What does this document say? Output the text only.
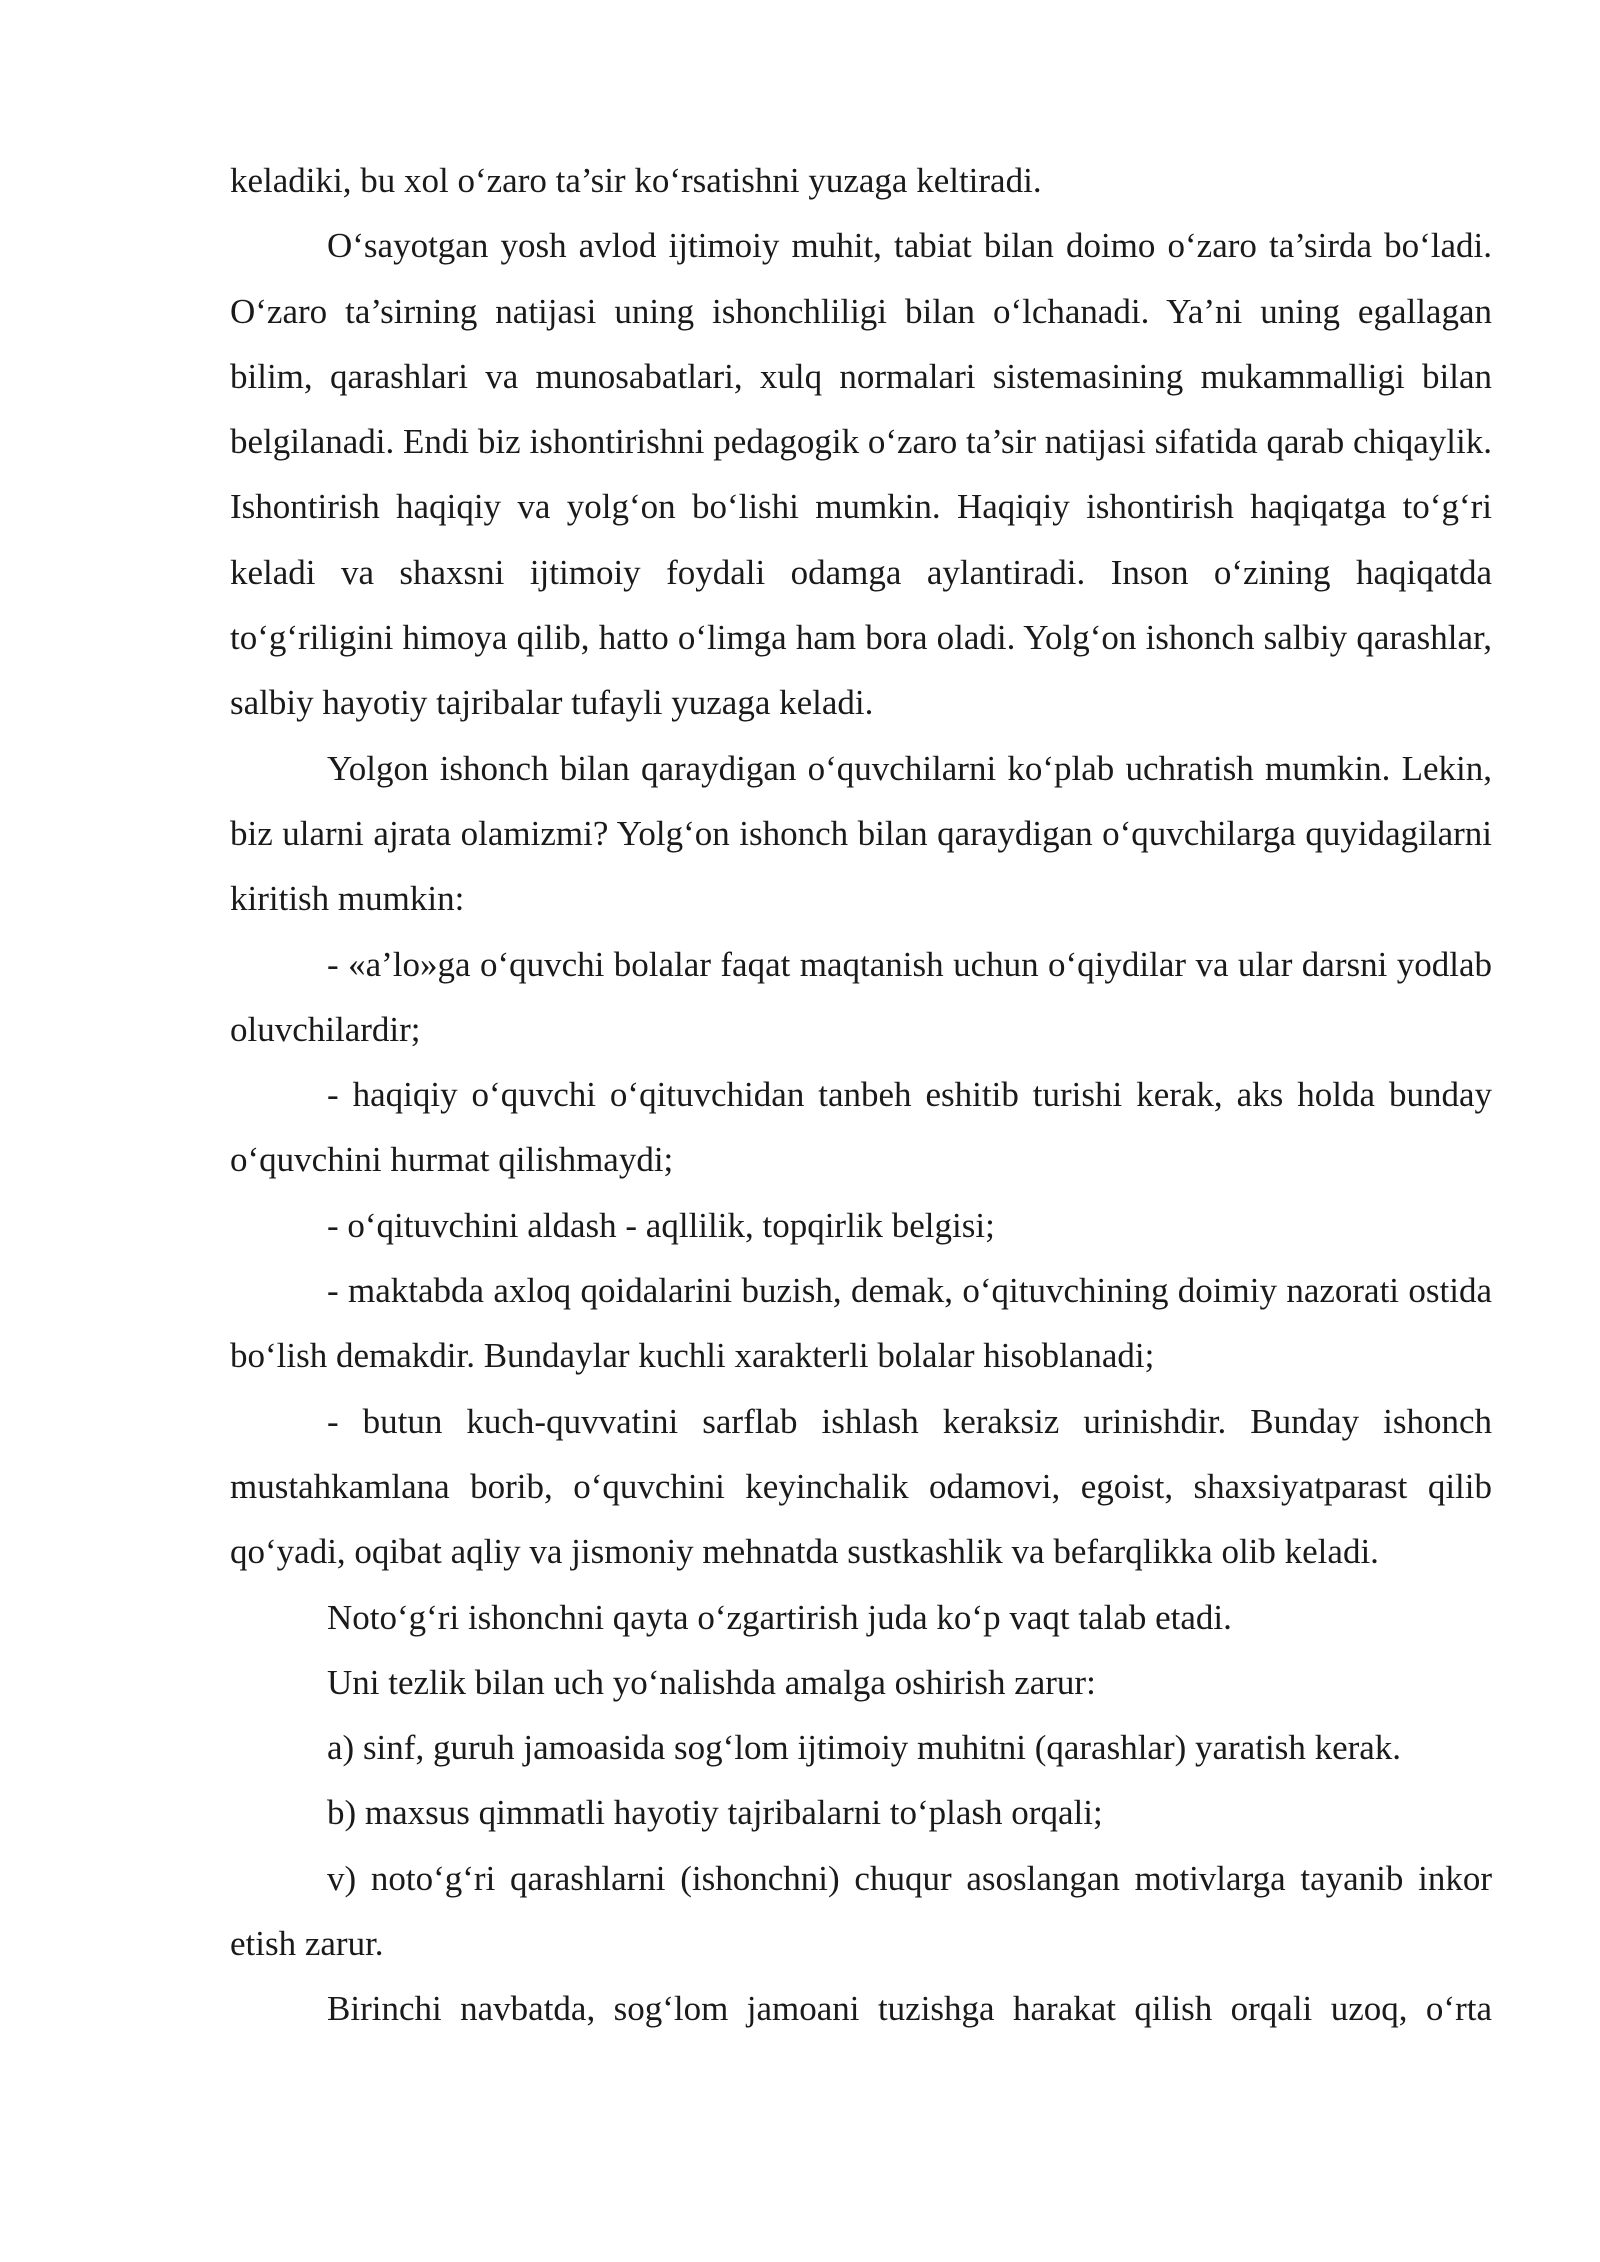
keladiki, bu xol o‘zaro ta’sir ko‘rsatishni yuzaga keltiradi.

O‘sayotgan yosh avlod ijtimoiy muhit, tabiat bilan doimo o‘zaro ta’sirda bo‘ladi. O‘zaro ta’sirning natijasi uning ishonchliligi bilan o‘lchanadi. Ya’ni uning egallagan bilim, qarashlari va munosabatlari, xulq normalari sistemasining mukammalligi bilan belgilanadi. Endi biz ishontirishni pedagogik o‘zaro ta’sir natijasi sifatida qarab chiqaylik. Ishontirish haqiqiy va yolg‘on bo‘lishi mumkin. Haqiqiy ishontirish haqiqatga to‘g‘ri keladi va shaxsni ijtimoiy foydali odamga aylantiradi. Inson o‘zining haqiqatda to‘g‘riligini himoya qilib, hatto o‘limga ham bora oladi. Yolg‘on ishonch salbiy qarashlar, salbiy hayotiy tajribalar tufayli yuzaga keladi.

Yolgon ishonch bilan qaraydigan o‘quvchilarni ko‘plab uchratish mumkin. Lekin, biz ularni ajrata olamizmi? Yolg‘on ishonch bilan qaraydigan o‘quvchilarga quyidagilarni kiritish mumkin:

- «a’lo»ga o‘quvchi bolalar faqat maqtanish uchun o‘qiydilar va ular darsni yodlab oluvchilardir;

- haqiqiy o‘quvchi o‘qituvchidan tanbeh eshitib turishi kerak, aks holda bunday o‘quvchini hurmat qilishmaydi;

- o‘qituvchini aldash - aqllilik, topqirlik belgisi;

- maktabda axloq qoidalarini buzish, demak, o‘qituvchining doimiy nazorati ostida bo‘lish demakdir. Bundaylar kuchli xarakterli bolalar hisoblanadi;

- butun kuch-quvvatini sarflab ishlash keraksiz urinishdir. Bunday ishonch mustahkamlana borib, o‘quvchini keyinchalik odamovi, egoist, shaxsiyatparast qilib qo‘yadi, oqibat aqliy va jismoniy mehnatda sustkashlik va befarqlikka olib keladi.

Noto‘g‘ri ishonchni qayta o‘zgartirish juda ko‘p vaqt talab etadi.

Uni tezlik bilan uch yo‘nalishda amalga oshirish zarur:

a) sinf, guruh jamoasida sog‘lom ijtimoiy muhitni (qarashlar) yaratish kerak.

b) maxsus qimmatli hayotiy tajribalarni to‘plash orqali;

v) noto‘g‘ri qarashlarni (ishonchni) chuqur asoslangan motivlarga tayanib inkor etish zarur.

Birinchi navbatda, sog‘lom jamoani tuzishga harakat qilish orqali uzoq, o‘rta
